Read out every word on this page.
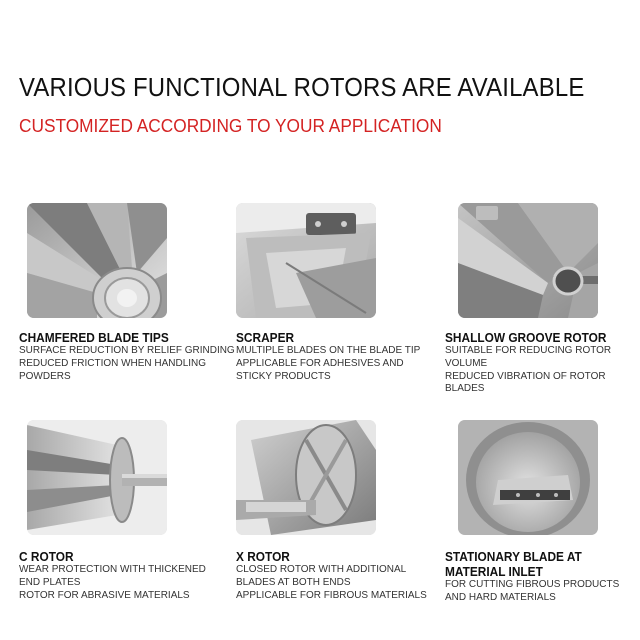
VARIOUS FUNCTIONAL ROTORS ARE AVAILABLE
CUSTOMIZED ACCORDING TO YOUR APPLICATION
CHAMFERED BLADE TIPS
SURFACE REDUCTION BY RELIEF GRINDING
REDUCED FRICTION WHEN HANDLING
POWDERS
SCRAPER
MULTIPLE BLADES ON THE BLADE TIP
APPLICABLE FOR ADHESIVES AND
STICKY PRODUCTS
SHALLOW GROOVE ROTOR
SUITABLE FOR REDUCING ROTOR
VOLUME
REDUCED VIBRATION OF ROTOR
BLADES
C ROTOR
WEAR PROTECTION WITH THICKENED
END PLATES
ROTOR FOR ABRASIVE MATERIALS
X ROTOR
CLOSED ROTOR WITH ADDITIONAL
BLADES AT BOTH ENDS
APPLICABLE FOR FIBROUS MATERIALS
STATIONARY BLADE AT
MATERIAL INLET
FOR CUTTING FIBROUS PRODUCTS
AND HARD MATERIALS
